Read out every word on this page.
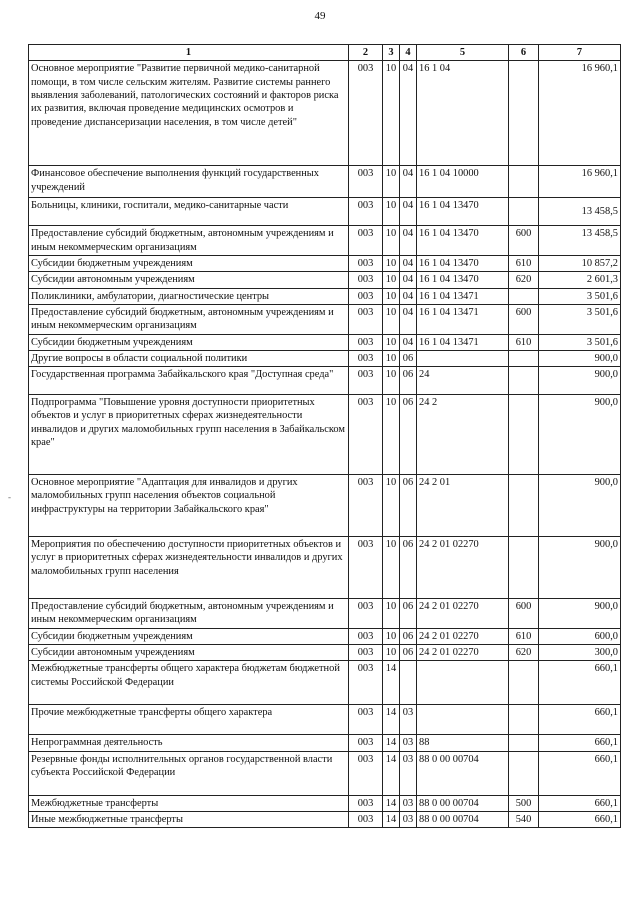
49
1	2	3	4	5	6	7
Основное мероприятие "Развитие первичной медико-санитарной помощи, в том числе сельским жителям. Развитие системы раннего выявления заболеваний, патологических состояний и факторов риска их развития, включая проведение медицинских осмотров и проведение диспансеризации населения, в том числе детей"	003	10	04	16 1 04		16 960,1
Финансовое обеспечение выполнения функций государственных учреждений	003	10	04	16 1 04 10000		16 960,1
Больницы, клиники, госпитали, медико-санитарные части	003	10	04	16 1 04 13470		13 458,5
Предоставление субсидий бюджетным, автономным учреждениям и иным некоммерческим организациям	003	10	04	16 1 04 13470	600	13 458,5
Субсидии бюджетным учреждениям	003	10	04	16 1 04 13470	610	10 857,2
Субсидии автономным учреждениям	003	10	04	16 1 04 13470	620	2 601,3
Поликлиники, амбулатории, диагностические центры	003	10	04	16 1 04 13471		3 501,6
Предоставление субсидий бюджетным, автономным учреждениям и иным некоммерческим организациям	003	10	04	16 1 04 13471	600	3 501,6
Субсидии бюджетным учреждениям	003	10	04	16 1 04 13471	610	3 501,6
Другие вопросы в области социальной политики	003	10	06			900,0
Государственная программа Забайкальского края "Доступная среда"	003	10	06	24		900,0
Подпрограмма "Повышение уровня доступности приоритетных объектов и услуг в приоритетных сферах жизнедеятельности инвалидов и других маломобильных групп населения в Забайкальском крае"	003	10	06	24 2		900,0
Основное мероприятие "Адаптация для инвалидов и других маломобильных групп населения объектов социальной инфраструктуры на территории Забайкальского края"	003	10	06	24 2 01		900,0
Мероприятия по обеспечению доступности приоритетных объектов и услуг в приоритетных сферах жизнедеятельности инвалидов и других маломобильных групп населения	003	10	06	24 2 01 02270		900,0
Предоставление субсидий бюджетным, автономным учреждениям и иным некоммерческим организациям	003	10	06	24 2 01 02270	600	900,0
Субсидии бюджетным учреждениям	003	10	06	24 2 01 02270	610	600,0
Субсидии автономным учреждениям	003	10	06	24 2 01 02270	620	300,0
Межбюджетные трансферты общего характера бюджетам бюджетной системы Российской Федерации	003	14				660,1
Прочие межбюджетные трансферты общего характера	003	14	03			660,1
Непрограммная деятельность	003	14	03	88		660,1
Резервные фонды исполнительных органов государственной власти субъекта Российской Федерации	003	14	03	88 0 00 00704		660,1
Межбюджетные трансферты	003	14	03	88 0 00 00704	500	660,1
Иные межбюджетные трансферты	003	14	03	88 0 00 00704	540	660,1
-
